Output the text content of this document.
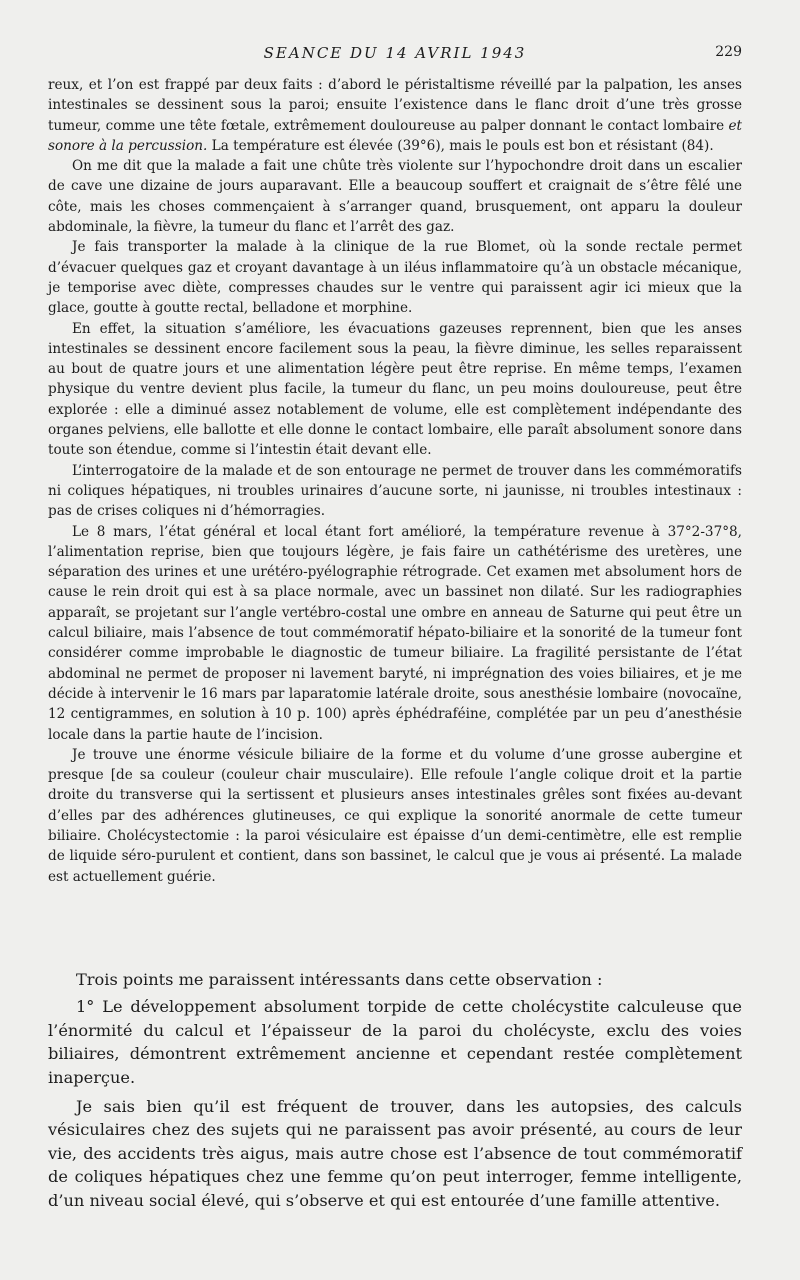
SEANCE DU 14 AVRIL 1943	229

reux, et l’on est frappé par deux faits : d’abord le péristaltisme réveillé par la palpation, les anses intestinales se dessinent sous la paroi; ensuite l’existence dans le flanc droit d’une très grosse tumeur, comme une tête fœtale, extrêmement douloureuse au palper donnant le contact lombaire et sonore à la percussion. La température est élevée (39°6), mais le pouls est bon et résistant (84).

On me dit que la malade a fait une chûte très violente sur l’hypochondre droit dans un escalier de cave une dizaine de jours auparavant. Elle a beaucoup souffert et craignait de s’être fêlé une côte, mais les choses commençaient à s’arranger quand, brusquement, ont apparu la douleur abdominale, la fièvre, la tumeur du flanc et l’arrêt des gaz.

Je fais transporter la malade à la clinique de la rue Blomet, où la sonde rectale permet d’évacuer quelques gaz et croyant davantage à un iléus inflammatoire qu’à un obstacle mécanique, je temporise avec diète, compresses chaudes sur le ventre qui paraissent agir ici mieux que la glace, goutte à goutte rectal, belladone et morphine.

En effet, la situation s’améliore, les évacuations gazeuses reprennent, bien que les anses intestinales se dessinent encore facilement sous la peau, la fièvre diminue, les selles reparaissent au bout de quatre jours et une alimentation légère peut être reprise. En même temps, l’examen physique du ventre devient plus facile, la tumeur du flanc, un peu moins douloureuse, peut être explorée : elle a diminué assez notablement de volume, elle est complètement indépendante des organes pelviens, elle ballotte et elle donne le contact lombaire, elle paraît absolument sonore dans toute son étendue, comme si l’intestin était devant elle.

L’interrogatoire de la malade et de son entourage ne permet de trouver dans les commémoratifs ni coliques hépatiques, ni troubles urinaires d’aucune sorte, ni jaunisse, ni troubles intestinaux : pas de crises coliques ni d’hémorragies.

Le 8 mars, l’état général et local étant fort amélioré, la température revenue à 37°2-37°8, l’alimentation reprise, bien que toujours légère, je fais faire un cathétérisme des uretères, une séparation des urines et une urétéro-pyélographie rétrograde. Cet examen met absolument hors de cause le rein droit qui est à sa place normale, avec un bassinet non dilaté. Sur les radiographies apparaît, se projetant sur l’angle vertébro-costal une ombre en anneau de Saturne qui peut être un calcul biliaire, mais l’absence de tout commémoratif hépato-biliaire et la sonorité de la tumeur font considérer comme improbable le diagnostic de tumeur biliaire. La fragilité persistante de l’état abdominal ne permet de proposer ni lavement baryté, ni imprégnation des voies biliaires, et je me décide à intervenir le 16 mars par laparatomie latérale droite, sous anesthésie lombaire (novocaïne, 12 centigrammes, en solution à 10 p. 100) après éphédraféine, complétée par un peu d’anesthésie locale dans la partie haute de l’incision.

Je trouve une énorme vésicule biliaire de la forme et du volume d’une grosse aubergine et presque [de sa couleur (couleur chair musculaire). Elle refoule l’angle colique droit et la partie droite du transverse qui la sertissent et plusieurs anses intestinales grêles sont fixées au-devant d’elles par des adhérences glutineuses, ce qui explique la sonorité anormale de cette tumeur biliaire. Cholécystectomie : la paroi vésiculaire est épaisse d’un demi-centimètre, elle est remplie de liquide séro-purulent et contient, dans son bassinet, le calcul que je vous ai présenté. La malade est actuellement guérie.

Trois points me paraissent intéressants dans cette observation :

1° Le développement absolument torpide de cette cholécystite calculeuse que l’énormité du calcul et l’épaisseur de la paroi du cholécyste, exclu des voies biliaires, démontrent extrêmement ancienne et cependant restée complètement inaperçue.

Je sais bien qu’il est fréquent de trouver, dans les autopsies, des calculs vésiculaires chez des sujets qui ne paraissent pas avoir présenté, au cours de leur vie, des accidents très aigus, mais autre chose est l’absence de tout commémoratif de coliques hépatiques chez une femme qu’on peut interroger, femme intelligente, d’un niveau social élevé, qui s’observe et qui est entourée d’une famille attentive.
